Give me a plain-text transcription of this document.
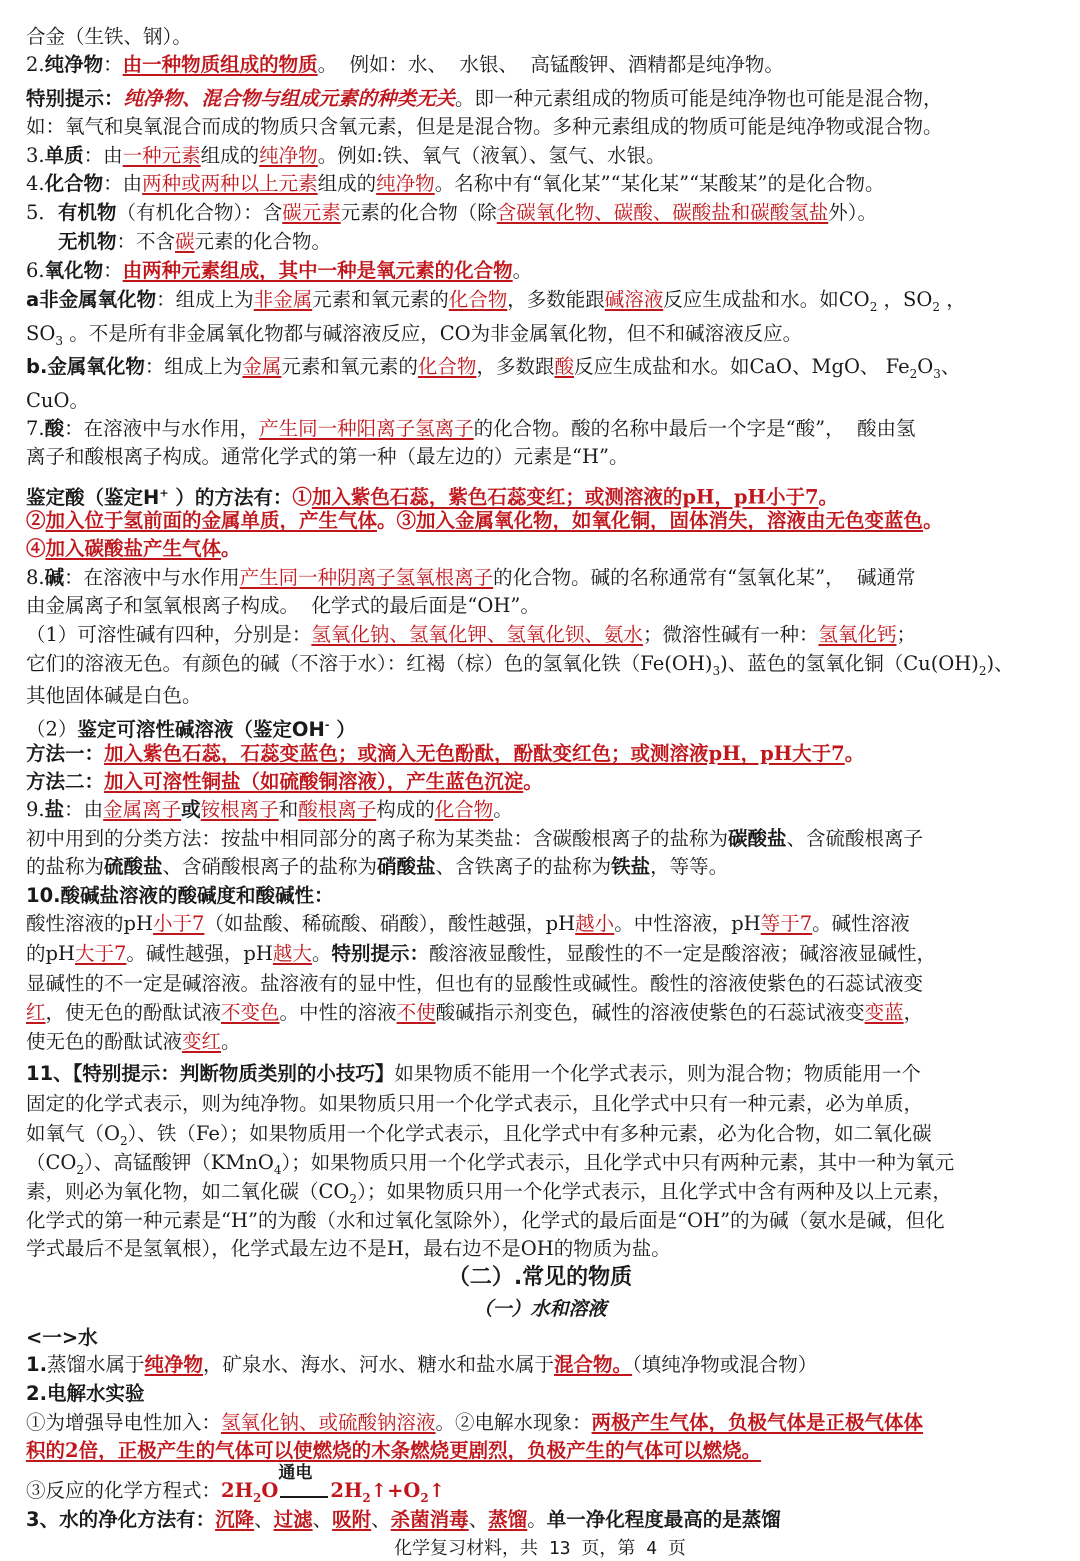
合金（生铁、钢）。
2.纯净物：由一种物质组成的物质。  例如：水、  水银、  高锰酸钾、酒精都是纯净物。
特别提示：纯净物、混合物与组成元素的种类无关。即一种元素组成的物质可能是纯净物也可能是混合物，
如：氧气和臭氧混合而成的物质只含氧元素，但是是混合物。多种元素组成的物质可能是纯净物或混合物。
3.单质：由一种元素组成的纯净物。例如:铁、氧气（液氧）、氢气、水银。
4.化合物：由两种或两种以上元素组成的纯净物。名称中有“氧化某”“某化某”“某酸某”的是化合物。
5．有机物（有机化合物）：含碳元素元素的化合物（除含碳氧化物、碳酸、碳酸盐和碳酸氢盐外）。
无机物：不含碳元素的化合物。
6.氧化物：由两种元素组成，其中一种是氧元素的化合物。
a非金属氧化物：组成上为非金属元素和氧元素的化合物，多数能跟碱溶液反应生成盐和水。如$CO_2$ ，$SO_2$ ，
$SO_3$ 。不是所有非金属氧化物都与碱溶液反应，CO为非金属氧化物，但不和碱溶液反应。
b.金属氧化物：组成上为金属元素和氧元素的化合物，多数跟酸反应生成盐和水。如CaO、MgO、 $Fe_2O_3$、
CuO。
7.酸：在溶液中与水作用，产生同一种阳离子氢离子的化合物。酸的名称中最后一个字是“酸”，  酸由氢
离子和酸根离子构成。通常化学式的第一种（最左边的）元素是“H”。
鉴定酸（鉴定H+ ）的方法有：①加入紫色石蕊，紫色石蕊变红；或测溶液的pH，pH小于7。
②加入位于氢前面的金属单质，产生气体。③加入金属氧化物，如氧化铜，固体消失，溶液由无色变蓝色。
④加入碳酸盐产生气体。
8.碱：在溶液中与水作用产生同一种阴离子氢氧根离子的化合物。碱的名称通常有“氢氧化某”，  碱通常
由金属离子和氢氧根离子构成。  化学式的最后面是“OH”。
（1）可溶性碱有四种，分别是：氢氧化钠、氢氧化钾、氢氧化钡、氨水；微溶性碱有一种：氢氧化钙；
它们的溶液无色。有颜色的碱（不溶于水）：红褐（棕）色的氢氧化铁$(Fe(OH)_3)$、蓝色的氢氧化铜$(Cu(OH)_2)$、
其他固体碱是白色。
（2）鉴定可溶性碱溶液（鉴定OH- ）
方法一：加入紫色石蕊，石蕊变蓝色；或滴入无色酚酞，酚酞变红色；或测溶液pH，pH大于7。
方法二：加入可溶性铜盐（如硫酸铜溶液），产生蓝色沉淀。
9.盐：由金属离子或铵根离子和酸根离子构成的化合物。
初中用到的分类方法：按盐中相同部分的离子称为某类盐：含碳酸根离子的盐称为碳酸盐、含硫酸根离子
的盐称为硫酸盐、含硝酸根离子的盐称为硝酸盐、含铁离子的盐称为铁盐，等等。
10.酸碱盐溶液的酸碱度和酸碱性：
酸性溶液的pH小于7（如盐酸、稀硫酸、硝酸），酸性越强，pH越小。中性溶液，pH等于7。碱性溶液
的pH大于7。碱性越强，pH越大。特别提示：酸溶液显酸性，显酸性的不一定是酸溶液；碱溶液显碱性，
显碱性的不一定是碱溶液。盐溶液有的显中性，但也有的显酸性或碱性。酸性的溶液使紫色的石蕊试液变
红，使无色的酚酞试液不变色。中性的溶液不使酸碱指示剂变色，碱性的溶液使紫色的石蕊试液变变蓝，
使无色的酚酞试液变红。
11、【特别提示：判断物质类别的小技巧】如果物质不能用一个化学式表示，则为混合物；物质能用一个
固定的化学式表示，则为纯净物。如果物质只用一个化学式表示，且化学式中只有一种元素，必为单质，
如氧气$(O_2)$、铁（Fe）；如果物质用一个化学式表示，且化学式中有多种元素，必为化合物，如二氧化碳
$(CO_2)$、高锰酸钾（KMnO$_4$）；如果物质只用一个化学式表示，且化学式中只有两种元素，其中一种为氧元
素，则必为氧化物，如二氧化碳$(CO_2)$；如果物质只用一个化学式表示，且化学式中含有两种及以上元素，
化学式的第一种元素是“H”的为酸（水和过氧化氢除外），化学式的最后面是“OH”的为碱（氨水是碱，但化
学式最后不是氢氧根），化学式最左边不是H，最右边不是OH的物质为盐。
（二）.常见的物质
（一）水和溶液
<一>水
1.蒸馏水属于纯净物，矿泉水、海水、河水、糖水和盐水属于混合物。（填纯净物或混合物）
2.电解水实验
①为增强导电性加入：氢氧化钠、或硫酸钠溶液。②电解水现象：两极产生气体，负极气体是正极气体体
积的2倍，正极产生的气体可以使燃烧的木条燃烧更剧烈，负极产生的气体可以燃烧。
③反应的化学方程式：$2H_2O$
通电
$2H_2↑+O_2↑$
3、水的净化方法有：沉降、过滤、吸附、杀菌消毒、蒸馏。单一净化程度最高的是蒸馏
化学复习材料，共 13 页，第 4 页
